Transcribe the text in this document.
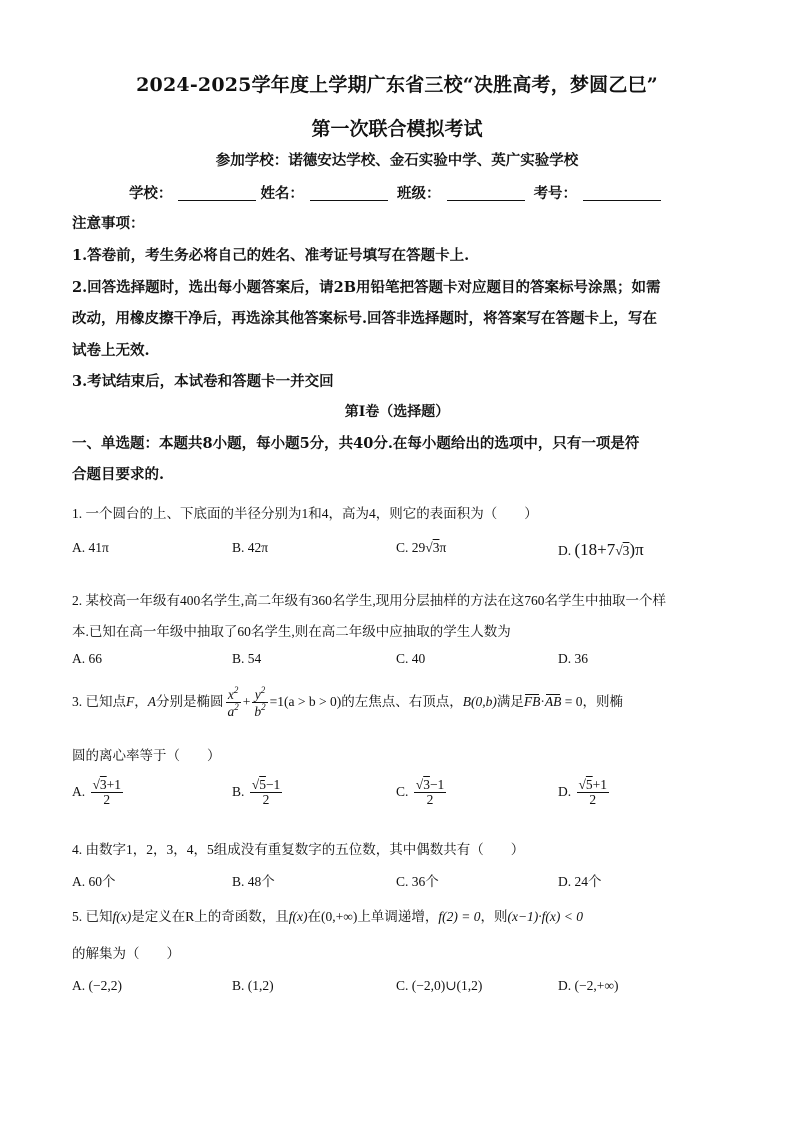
2024-2025学年度上学期广东省三校“决胜高考，梦圆乙巳”
第一次联合模拟考试
参加学校：诺德安达学校、金石实验中学、英广实验学校
学校：	姓名：	班级：	考号：
注意事项：
1.答卷前，考生务必将自己的姓名、准考证号填写在答题卡上.
2.回答选择题时，选出每小题答案后，请2B用铅笔把答题卡对应题目的答案标号涂黑；如需
改动，用橡皮擦干净后，再选涂其他答案标号.回答非选择题时，将答案写在答题卡上，写在
试卷上无效.
3.考试结束后，本试卷和答题卡一并交回
第Ⅰ卷（选择题）
一、单选题：本题共8小题，每小题5分，共40分.在每小题给出的选项中，只有一项是符
合题目要求的.
1. 一个圆台的上、下底面的半径分别为1和4，高为4，则它的表面积为（　　）
A. 41π	B. 42π	C. 29√3π	D. (18+7√3)π
2. 某校高一年级有400名学生,高二年级有360名学生,现用分层抽样的方法在这760名学生中抽取一个样
本.已知在高一年级中抽取了60名学生,则在高二年级中应抽取的学生人数为
A. 66	B. 54	C. 40	D. 36
3. 已知点F，A分别是椭圆 $\frac{x^2}{a^2} + \frac{y^2}{b^2} =1(a > b > 0)$的左焦点、右顶点，B(0,b)满足FB·AB = 0，则椭
圆的离心率等于（　　）
A. $\frac{√3+1}{2}$	B. $\frac{√5-1}{2}$	C. $\frac{√3-1}{2}$	D. $\frac{√5+1}{2}$
4. 由数字1，2，3，4，5组成没有重复数字的五位数，其中偶数共有（　　）
A. 60个	B. 48个	C. 36个	D. 24个
5. 已知f(x)是定义在R上的奇函数，且f(x)在(0,+∞)上单调递增，f(2) = 0，则(x−1)·f(x) < 0
的解集为（　　）
A. (−2,2)	B. (1,2)	C. (−2,0)∪(1,2)	D. (−2,+∞)
